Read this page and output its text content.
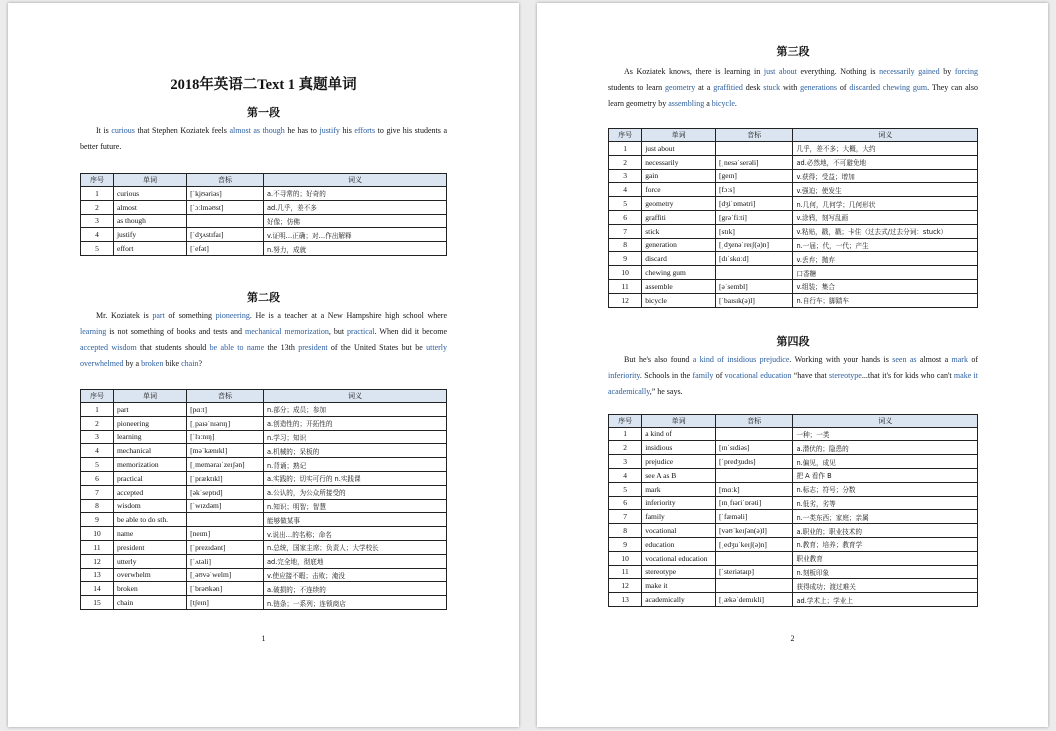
2018年英语二Text 1 真题单词
第一段
It is curious that Stephen Koziatek feels almost as though he has to justify his efforts to give his students a better future.
序号	单词	音标	词义
1	curious	[ˈkjʊəriəs]	a.不寻常的；好奇的
2	almost	[ˈɔːlməʊst]	ad.几乎，差不多
3	as though		好像；仿佛
4	justify	[ˈdʒʌstɪfaɪ]	v.证明…正确；对…作出解释
5	effort	[ˈefət]	n.努力，成就
第二段
Mr. Koziatek is part of something pioneering. He is a teacher at a New Hampshire high school where learning is not something of books and tests and mechanical memorization, but practical. When did it become accepted wisdom that students should be able to name the 13th president of the United States but be utterly overwhelmed by a broken bike chain?
序号	单词	音标	词义
1	part	[pɑːt]	n.部分；成员；参加
2	pioneering	[ˌpaɪəˈnɪərɪŋ]	a.创造性的；开拓性的
3	learning	[ˈlɜːnɪŋ]	n.学习；知识
4	mechanical	[məˈkænɪkl]	a.机械的；呆板的
5	memorization	[ˌmeməraɪˈzeɪʃən]	n.背诵；熟记
6	practical	[ˈpræktɪkl]	a.实践的；切实可行的 n.实践课
7	accepted	[əkˈseptɪd]	a.公认的，为公众所接受的
8	wisdom	[ˈwɪzdəm]	n.知识；明智；智慧
9	be able to do sth.		能够做某事
10	name	[neɪm]	v.说出…的名称；命名
11	president	[ˈprezɪdənt]	n.总统，国家主席；负责人；大学校长
12	utterly	[ˈʌtəli]	ad.完全地，彻底地
13	overwhelm	[ˌəʊvəˈwelm]	v.使应接不暇；击败；淹没
14	broken	[ˈbrəʊkən]	a.破损的；不连续的
15	chain	[tʃeɪn]	n.链条；一系列；连锁商店
1
第三段
As Koziatek knows, there is learning in just about everything. Nothing is necessarily gained by forcing students to learn geometry at a graffitied desk stuck with generations of discarded chewing gum. They can also learn geometry by assembling a bicycle.
序号	单词	音标	词义
1	just about		几乎，差不多；大概，大约
2	necessarily	[ˌnesəˈserəli]	ad.必然地，不可避免地
3	gain	[geɪn]	v.获得；受益；增加
4	force	[fɔːs]	v.强迫；使发生
5	geometry	[dʒiˈɒmətri]	n.几何，几何学；几何形状
6	graffiti	[grəˈfiːti]	v.涂鸦，刻写乱画
7	stick	[stɪk]	v.粘贴，戳，戳；卡住（过去式/过去分词：stuck）
8	generation	[ˌdʒenəˈreɪʃ(ə)n]	n.一届；代，一代；产生
9	discard	[dɪˈskɑːd]	v.丢弃；抛弃
10	chewing gum		口香糖
11	assemble	[əˈsembl]	v.组装；集合
12	bicycle	[ˈbaɪsɪk(ə)l]	n.自行车；脚踏车
第四段
But he's also found a kind of insidious prejudice. Working with your hands is seen as almost a mark of inferiority. Schools in the family of vocational education “have that stereotype...that it's for kids who can't make it academically,” he says.
序号	单词	音标	词义
1	a kind of		一种；一类
2	insidious	[ɪnˈsɪdiəs]	a.潜伏的；隐患的
3	prejudice	[ˈpredʒudɪs]	n.偏见，成见
4	see A as B		把 A 看作 B
5	mark	[mɑːk]	n.标志；符号；分数
6	inferiority	[ɪnˌfɪəriˈɒrəti]	n.低劣，劣等
7	family	[ˈfæməli]	n.一类东西；家庭；亲属
8	vocational	[vəʊˈkeɪʃən(ə)l]	a.职业的；职业技术的
9	education	[ˌedʒuˈkeɪʃ(ə)n]	n.教育；培养；教育学
10	vocational education		职业教育
11	stereotype	[ˈsteriətaɪp]	n.刻板印象
12	make it		获得成功；渡过难关
13	academically	[ˌækəˈdemɪkli]	ad.学术上；学业上
2
